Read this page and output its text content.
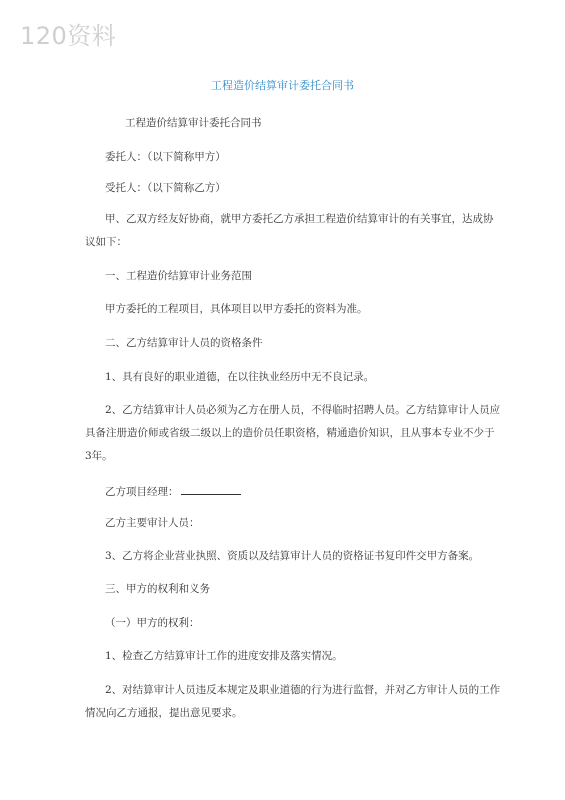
120资料
工程造价结算审计委托合同书
工程造价结算审计委托合同书
委托人：（以下简称甲方）
受托人：（以下简称乙方）
甲、乙双方经友好协商，就甲方委托乙方承担工程造价结算审计的有关事宜，达成协
议如下：
一、工程造价结算审计业务范围
甲方委托的工程项目，具体项目以甲方委托的资料为准。
二、乙方结算审计人员的资格条件
1、具有良好的职业道德，在以往执业经历中无不良记录。
2、乙方结算审计人员必须为乙方在册人员，不得临时招聘人员。乙方结算审计人员应
具备注册造价师或省级二级以上的造价员任职资格，精通造价知识，且从事本专业不少于
3年。
乙方项目经理：
乙方主要审计人员：
3、乙方将企业营业执照、资质以及结算审计人员的资格证书复印件交甲方备案。
三、甲方的权利和义务
（一）甲方的权利：
1、检查乙方结算审计工作的进度安排及落实情况。
2、对结算审计人员违反本规定及职业道德的行为进行监督，并对乙方审计人员的工作
情况向乙方通报，提出意见要求。
